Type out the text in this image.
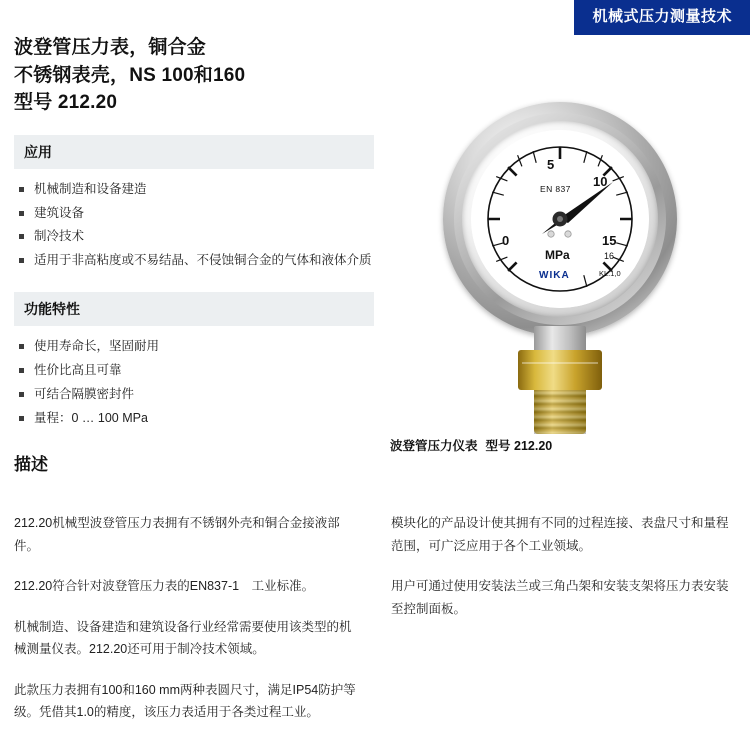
机械式压力测量技术
波登管压力表，铜合金
不锈钢表壳，NS 100和160
型号 212.20
应用
机械制造和设备建造
建筑设备
制冷技术
适用于非高粘度或不易结晶、不侵蚀铜合金的气体和液体介质
功能特性
使用寿命长，坚固耐用
性价比高且可靠
可结合隔膜密封件
量程：0 … 100 MPa
描述

212.20机械型波登管压力表拥有不锈钢外壳和铜合金接液部件。

212.20符合针对波登管压力表的EN837-1　工业标准。

机械制造、设备建造和建筑设备行业经常需要使用该类型的机械测量仪表。212.20还可用于制冷技术领域。

此款压力表拥有100和160 mm两种表圆尺寸，满足IP54防护等级。凭借其1.0的精度，该压力表适用于各类过程工业。

模块化的产品设计使其拥有不同的过程连接、表盘尺寸和量程范围，可广泛应用于各个工业领域。

用户可通过使用安装法兰或三角凸架和安装支架将压力表安装至控制面板。

5
10
15
16
0
EN 837
MPa
WIKA	KL.1,0
波登管压力仪表 型号 212.20
